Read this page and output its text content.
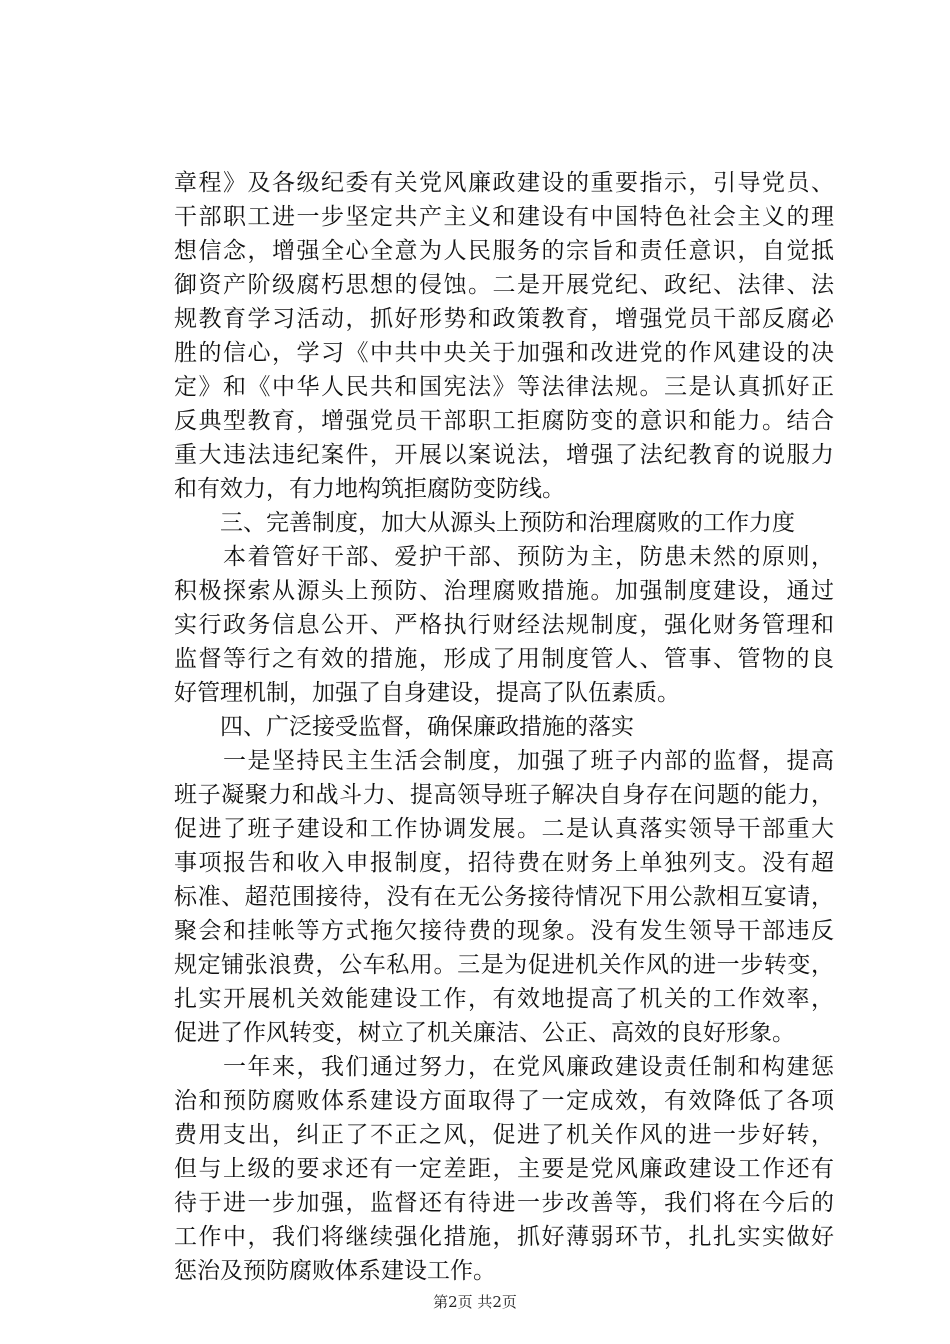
章程》及各级纪委有关党风廉政建设的重要指示，引导党员、
干部职工进一步坚定共产主义和建设有中国特色社会主义的理
想信念，增强全心全意为人民服务的宗旨和责任意识，自觉抵
御资产阶级腐朽思想的侵蚀。二是开展党纪、政纪、法律、法
规教育学习活动，抓好形势和政策教育，增强党员干部反腐必
胜的信心，学习《中共中央关于加强和改进党的作风建设的决
定》和《中华人民共和国宪法》等法律法规。三是认真抓好正
反典型教育，增强党员干部职工拒腐防变的意识和能力。结合
重大违法违纪案件，开展以案说法，增强了法纪教育的说服力
和有效力，有力地构筑拒腐防变防线。
　　三、完善制度，加大从源头上预防和治理腐败的工作力度
　　本着管好干部、爱护干部、预防为主，防患未然的原则，
积极探索从源头上预防、治理腐败措施。加强制度建设，通过
实行政务信息公开、严格执行财经法规制度，强化财务管理和
监督等行之有效的措施，形成了用制度管人、管事、管物的良
好管理机制，加强了自身建设，提高了队伍素质。
　　四、广泛接受监督，确保廉政措施的落实
　　一是坚持民主生活会制度，加强了班子内部的监督，提高
班子凝聚力和战斗力、提高领导班子解决自身存在问题的能力，
促进了班子建设和工作协调发展。二是认真落实领导干部重大
事项报告和收入申报制度，招待费在财务上单独列支。没有超
标准、超范围接待，没有在无公务接待情况下用公款相互宴请，
聚会和挂帐等方式拖欠接待费的现象。没有发生领导干部违反
规定铺张浪费，公车私用。三是为促进机关作风的进一步转变，
扎实开展机关效能建设工作，有效地提高了机关的工作效率，
促进了作风转变，树立了机关廉洁、公正、高效的良好形象。
　　一年来，我们通过努力，在党风廉政建设责任制和构建惩
治和预防腐败体系建设方面取得了一定成效，有效降低了各项
费用支出，纠正了不正之风，促进了机关作风的进一步好转，
但与上级的要求还有一定差距，主要是党风廉政建设工作还有
待于进一步加强，监督还有待进一步改善等，我们将在今后的
工作中，我们将继续强化措施，抓好薄弱环节，扎扎实实做好
惩治及预防腐败体系建设工作。
第2页 共2页
